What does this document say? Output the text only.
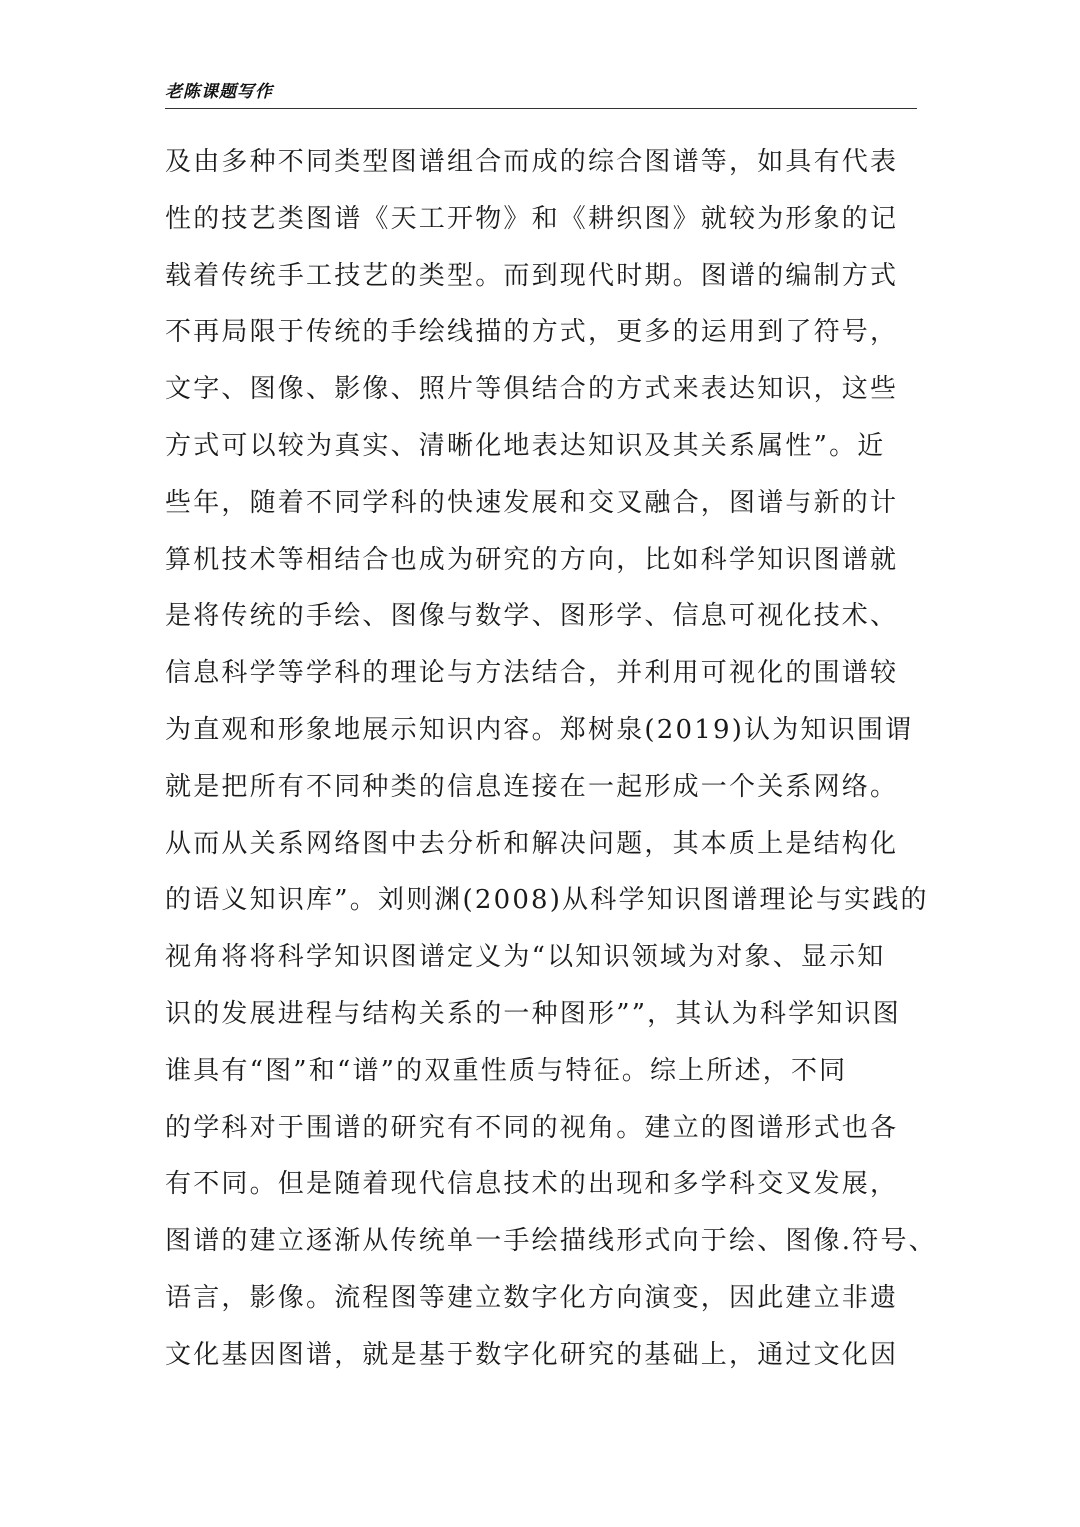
老陈课题写作
及由多种不同类型图谱组合而成的综合图谱等，如具有代表
性的技艺类图谱《天工开物》和《耕织图》就较为形象的记
载着传统手工技艺的类型。而到现代时期。图谱的编制方式
不再局限于传统的手绘线描的方式，更多的运用到了符号，
文字、图像、影像、照片等俱结合的方式来表达知识，这些
方式可以较为真实、清晰化地表达知识及其关系属性”。近
些年，随着不同学科的快速发展和交叉融合，图谱与新的计
算机技术等相结合也成为研究的方向，比如科学知识图谱就
是将传统的手绘、图像与数学、图形学、信息可视化技术、
信息科学等学科的理论与方法结合，并利用可视化的围谱较
为直观和形象地展示知识内容。郑树泉(2019)认为知识围谓
就是把所有不同种类的信息连接在一起形成一个关系网络。
从而从关系网络图中去分析和解决问题，其本质上是结构化
的语义知识库”。刘则渊(2008)从科学知识图谱理论与实践的
视角将将科学知识图谱定义为“以知识领域为对象、显示知
识的发展进程与结构关系的一种图形””，其认为科学知识图
谁具有“图”和“谱”的双重性质与特征。综上所述，不同
的学科对于围谱的研究有不同的视角。建立的图谱形式也各
有不同。但是随着现代信息技术的出现和多学科交叉发展，
图谱的建立逐渐从传统单一手绘描线形式向于绘、图像.符号、
语言，影像。流程图等建立数字化方向演变，因此建立非遗
文化基因图谱，就是基于数字化研究的基础上，通过文化因
